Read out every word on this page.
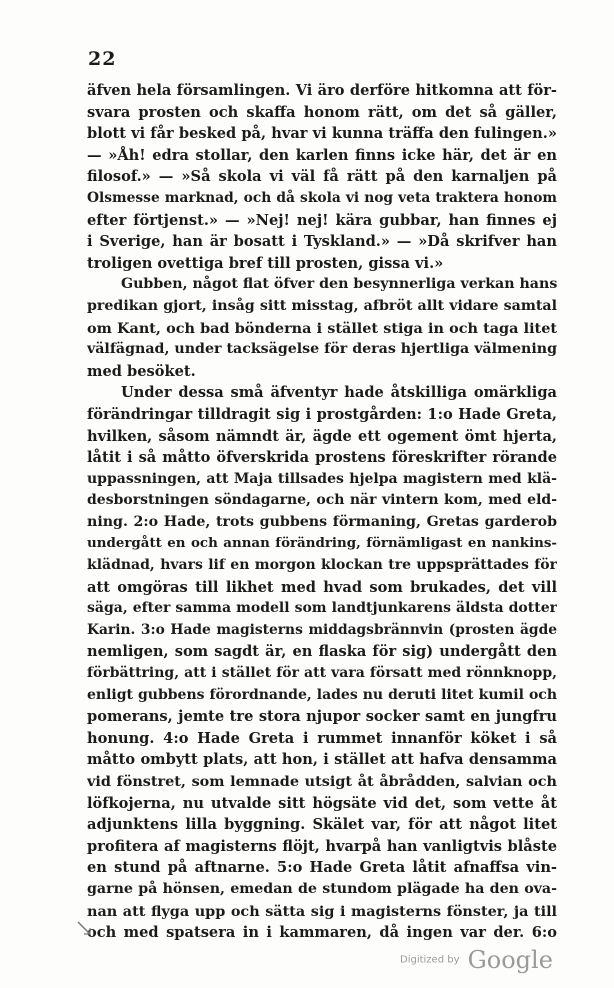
22
äfven hela församlingen. Vi äro derföre hitkomna att för-
svara prosten och skaffa honom rätt, om det så gäller,
blott vi får besked på, hvar vi kunna träffa den fulingen.»
— »Åh! edra stollar, den karlen finns icke här, det är en
filosof.» — »Så skola vi väl få rätt på den karnaljen på
Olsmesse marknad, och då skola vi nog veta traktera honom
efter förtjenst.» — »Nej! nej! kära gubbar, han finnes ej
i Sverige, han är bosatt i Tyskland.» — »Då skrifver han
troligen ovettiga bref till prosten, gissa vi.»
Gubben, något flat öfver den besynnerliga verkan hans
predikan gjort, insåg sitt misstag, afbröt allt vidare samtal
om Kant, och bad bönderna i stället stiga in och taga litet
välfägnad, under tacksägelse för deras hjertliga välmening
med besöket.
Under dessa små äfventyr hade åtskilliga omärkliga
förändringar tilldragit sig i prostgården: 1:o Hade Greta,
hvilken, såsom nämndt är, ägde ett ogement ömt hjerta,
låtit i så måtto öfverskrida prostens föreskrifter rörande
uppassningen, att Maja tillsades hjelpa magistern med klä-
desborstningen söndagarne, och när vintern kom, med eld-
ning. 2:o Hade, trots gubbens förmaning, Gretas garderob
undergått en och annan förändring, förnämligast en nankins-
klädnad, hvars lif en morgon klockan tre uppsprättades för
att omgöras till likhet med hvad som brukades, det vill
säga, efter samma modell som landtjunkarens äldsta dotter
Karin. 3:o Hade magisterns middagsbrännvin (prosten ägde
nemligen, som sagdt är, en flaska för sig) undergått den
förbättring, att i stället för att vara försatt med rönnknopp,
enligt gubbens förordnande, lades nu deruti litet kumil och
pomerans, jemte tre stora njupor socker samt en jungfru
honung. 4:o Hade Greta i rummet innanför köket i så
måtto ombytt plats, att hon, i stället att hafva densamma
vid fönstret, som lemnade utsigt åt åbrådden, salvian och
löfkojerna, nu utvalde sitt högsäte vid det, som vette åt
adjunktens lilla byggning. Skälet var, för att något litet
profitera af magisterns flöjt, hvarpå han vanligtvis blåste
en stund på aftnarne. 5:o Hade Greta låtit afnaffsa vin-
garne på hönsen, emedan de stundom plägade ha den ova-
nan att flyga upp och sätta sig i magisterns fönster, ja till
och med spatsera in i kammaren, då ingen var der. 6:o
Digitized by Google
